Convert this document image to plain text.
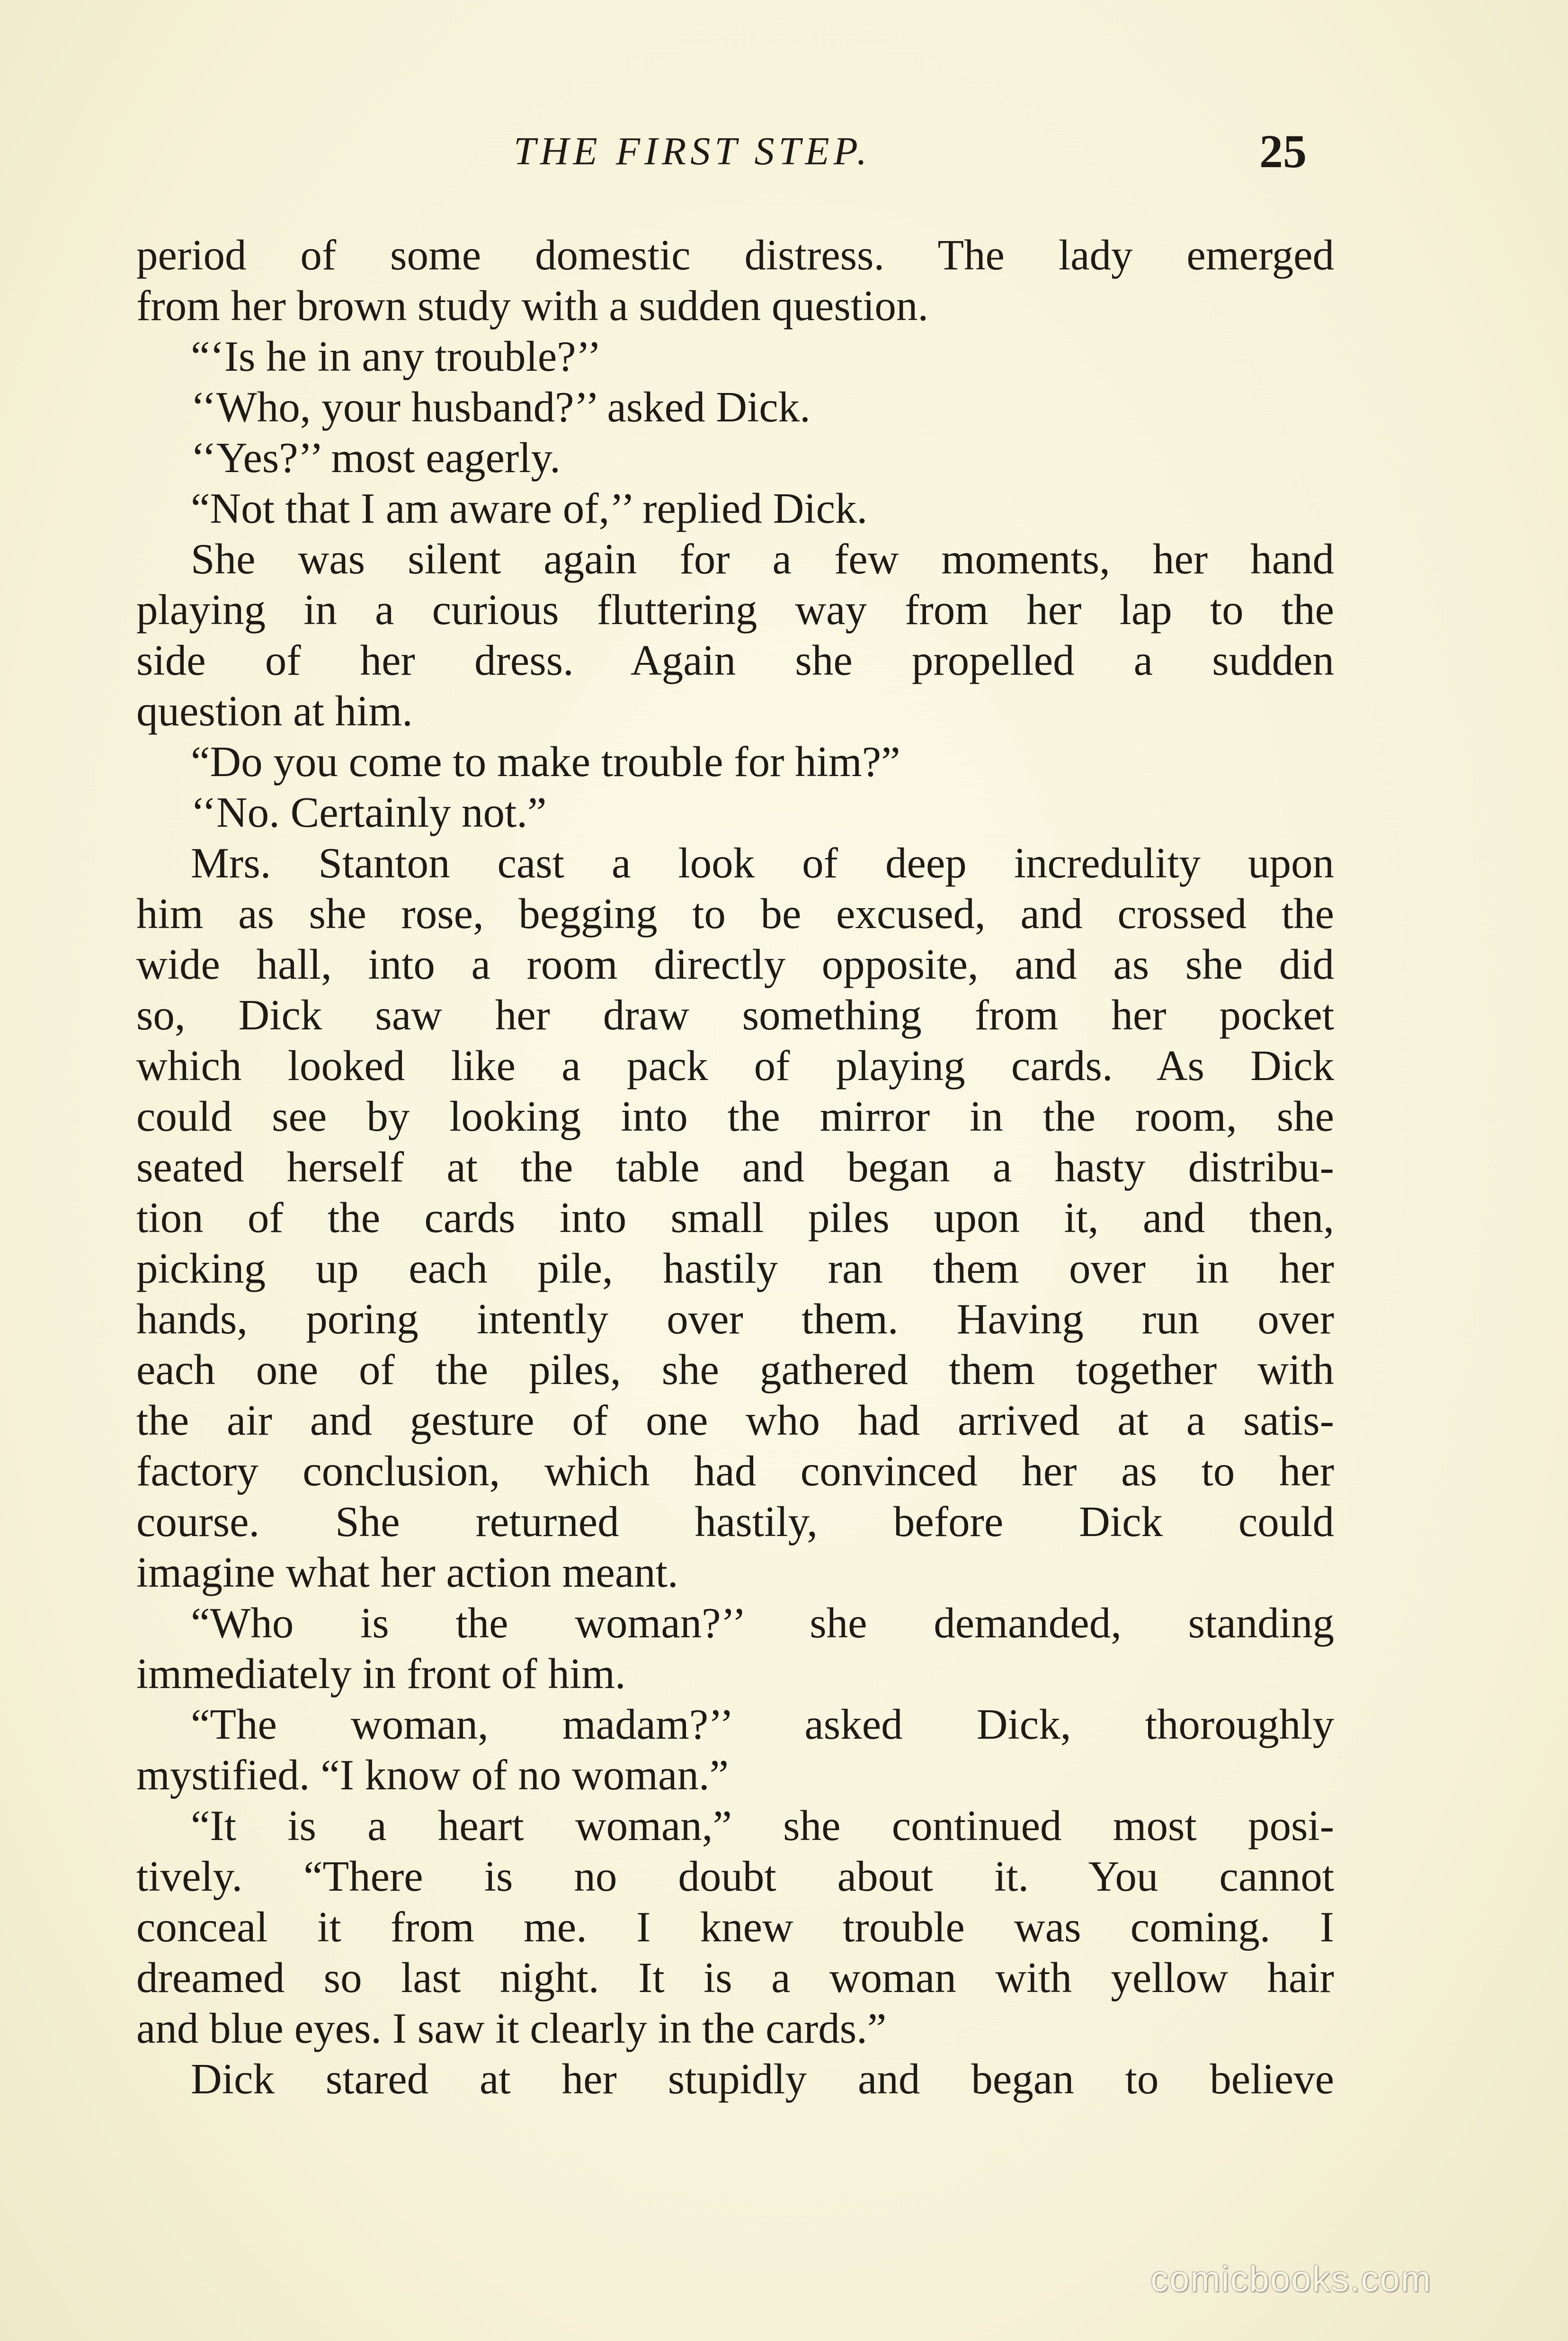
THE FIRST STEP.	25
period of some domestic distress. The lady emerged
from her brown study with a sudden question.
“‘Is he in any trouble?’’
‘‘Who, your husband?’’ asked Dick.
‘‘Yes?’’ most eagerly.
“Not that I am aware of,’’ replied Dick.
She was silent again for a few moments, her hand
playing in a curious fluttering way from her lap to the
side of her dress. Again she propelled a sudden
question at him.
“Do you come to make trouble for him?”
‘‘No. Certainly not.”
Mrs. Stanton cast a look of deep incredulity upon
him as she rose, begging to be excused, and crossed the
wide hall, into a room directly opposite, and as she did
so, Dick saw her draw something from her pocket
which looked like a pack of playing cards. As Dick
could see by looking into the mirror in the room, she
seated herself at the table and began a hasty distribu-
tion of the cards into small piles upon it, and then,
picking up each pile, hastily ran them over in her
hands, poring intently over them. Having run over
each one of the piles, she gathered them together with
the air and gesture of one who had arrived at a satis-
factory conclusion, which had convinced her as to her
course. She returned hastily, before Dick could
imagine what her action meant.
“Who is the woman?’’ she demanded, standing
immediately in front of him.
“The woman, madam?’’ asked Dick, thoroughly
mystified. “I know of no woman.”
“It is a heart woman,” she continued most posi-
tively. “There is no doubt about it. You cannot
conceal it from me. I knew trouble was coming. I
dreamed so last night. It is a woman with yellow hair
and blue eyes. I saw it clearly in the cards.”
Dick stared at her stupidly and began to believe
comicbooks.com
